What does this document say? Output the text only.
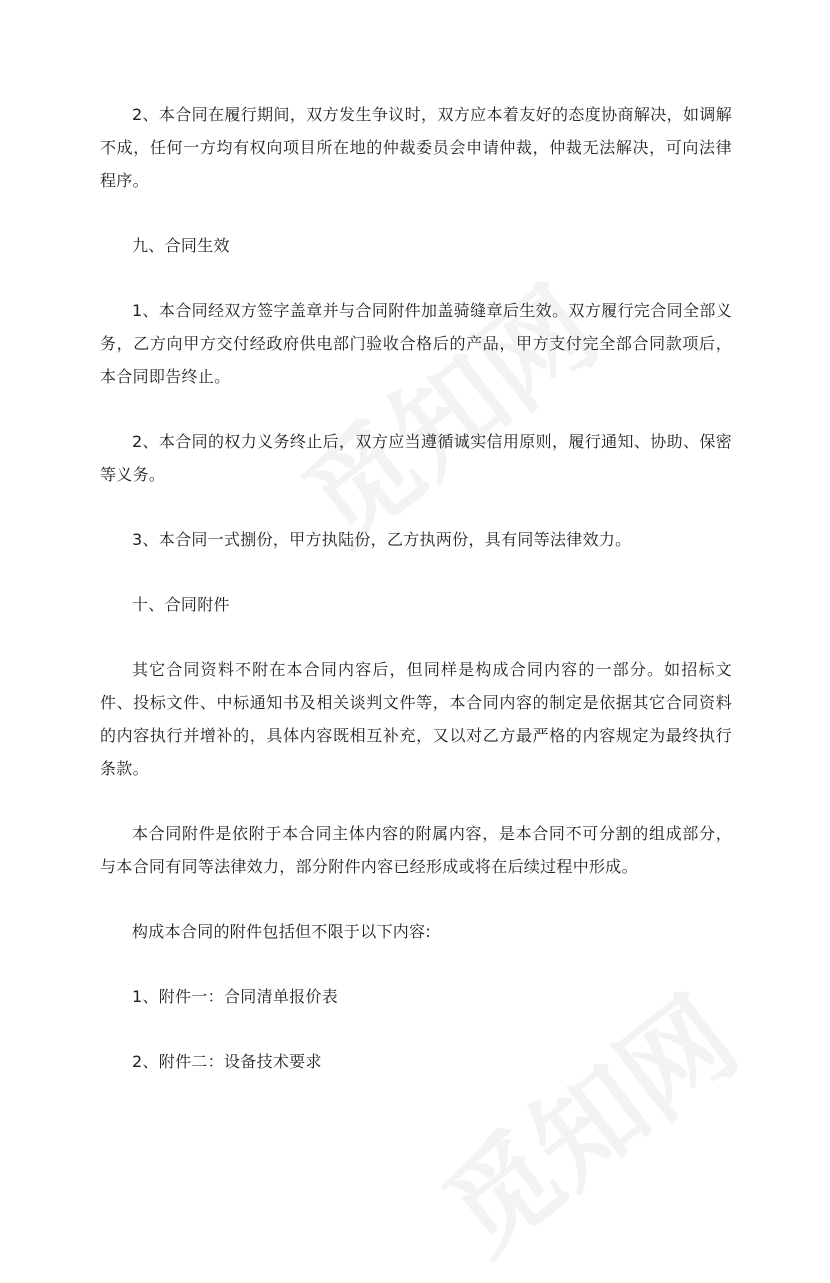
2、本合同在履行期间，双方发生争议时，双方应本着友好的态度协商解决，如调解不成，任何一方均有权向项目所在地的仲裁委员会申请仲裁，仲裁无法解决，可向法律程序。

九、合同生效

1、本合同经双方签字盖章并与合同附件加盖骑缝章后生效。双方履行完合同全部义务，乙方向甲方交付经政府供电部门验收合格后的产品，甲方支付完全部合同款项后，本合同即告终止。

2、本合同的权力义务终止后，双方应当遵循诚实信用原则，履行通知、协助、保密等义务。

3、本合同一式捌份，甲方执陆份，乙方执两份，具有同等法律效力。

十、合同附件

其它合同资料不附在本合同内容后，但同样是构成合同内容的一部分。如招标文件、投标文件、中标通知书及相关谈判文件等，本合同内容的制定是依据其它合同资料的内容执行并增补的，具体内容既相互补充，又以对乙方最严格的内容规定为最终执行条款。

本合同附件是依附于本合同主体内容的附属内容，是本合同不可分割的组成部分，与本合同有同等法律效力，部分附件内容已经形成或将在后续过程中形成。

构成本合同的附件包括但不限于以下内容:

1、附件一：合同清单报价表

2、附件二：设备技术要求
